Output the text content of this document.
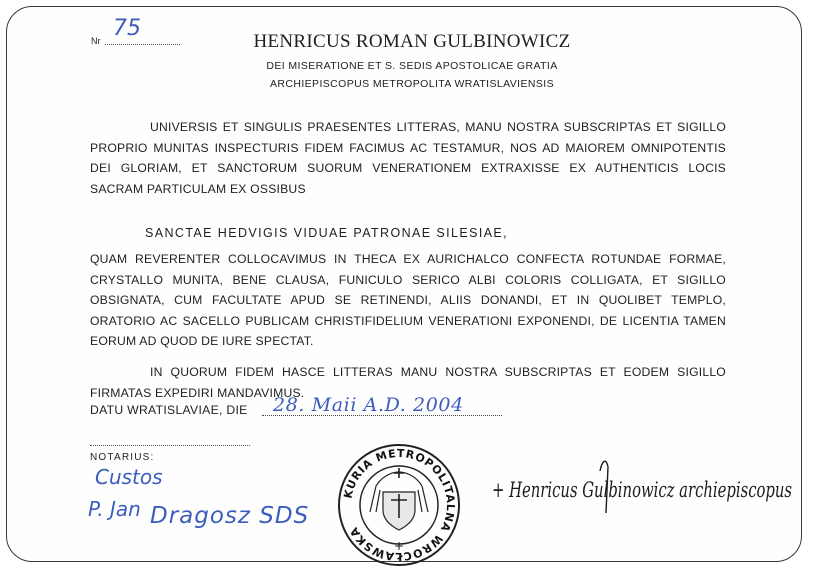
Nr 75
HENRICUS ROMAN GULBINOWICZ
DEI MISERATIONE ET S. SEDIS APOSTOLICAE GRATIA
ARCHIEPISCOPUS METROPOLITA WRATISLAVIENSIS
UNIVERSIS ET SINGULIS PRAESENTES LITTERAS, MANU NOSTRA SUBSCRIPTAS ET SIGILLO PROPRIO MUNITAS INSPECTURIS FIDEM FACIMUS AC TESTAMUR, NOS AD MAIOREM OMNIPOTENTIS DEI GLORIAM, ET SANCTORUM SUORUM VENERATIONEM EXTRAXISSE EX AUTHENTICIS LOCIS SACRAM PARTICULAM EX OSSIBUS
SANCTAE HEDVIGIS VIDUAE PATRONAE SILESIAE,
QUAM REVERENTER COLLOCAVIMUS IN THECA EX AURICHALCO CONFECTA ROTUNDAE FORMAE, CRYSTALLO MUNITA, BENE CLAUSA, FUNICULO SERICO ALBI COLORIS COLLIGATA, ET SIGILLO OBSIGNATA, CUM FACULTATE APUD SE RETINENDI, ALIIS DONANDI, ET IN QUOLIBET TEMPLO, ORATORIO AC SACELLO PUBLICAM CHRISTIFIDELIUM VENERATIONI EXPONENDI, DE LICENTIA TAMEN EORUM AD QUOD DE IURE SPECTAT.
IN QUORUM FIDEM HASCE LITTERAS MANU NOSTRA SUBSCRIPTAS ET EODEM SIGILLO FIRMATAS EXPEDIRI MANDAVIMUS.
DATU WRATISLAVIAE, DIE 28. Maii A.D. 2004
NOTARIUS:
Custos
P. Jan Dragosz SDS
KURIA METROPOLITALNA WROCŁAWSKA
+
+ Henricus Gulbinowicz archiepiscopus
